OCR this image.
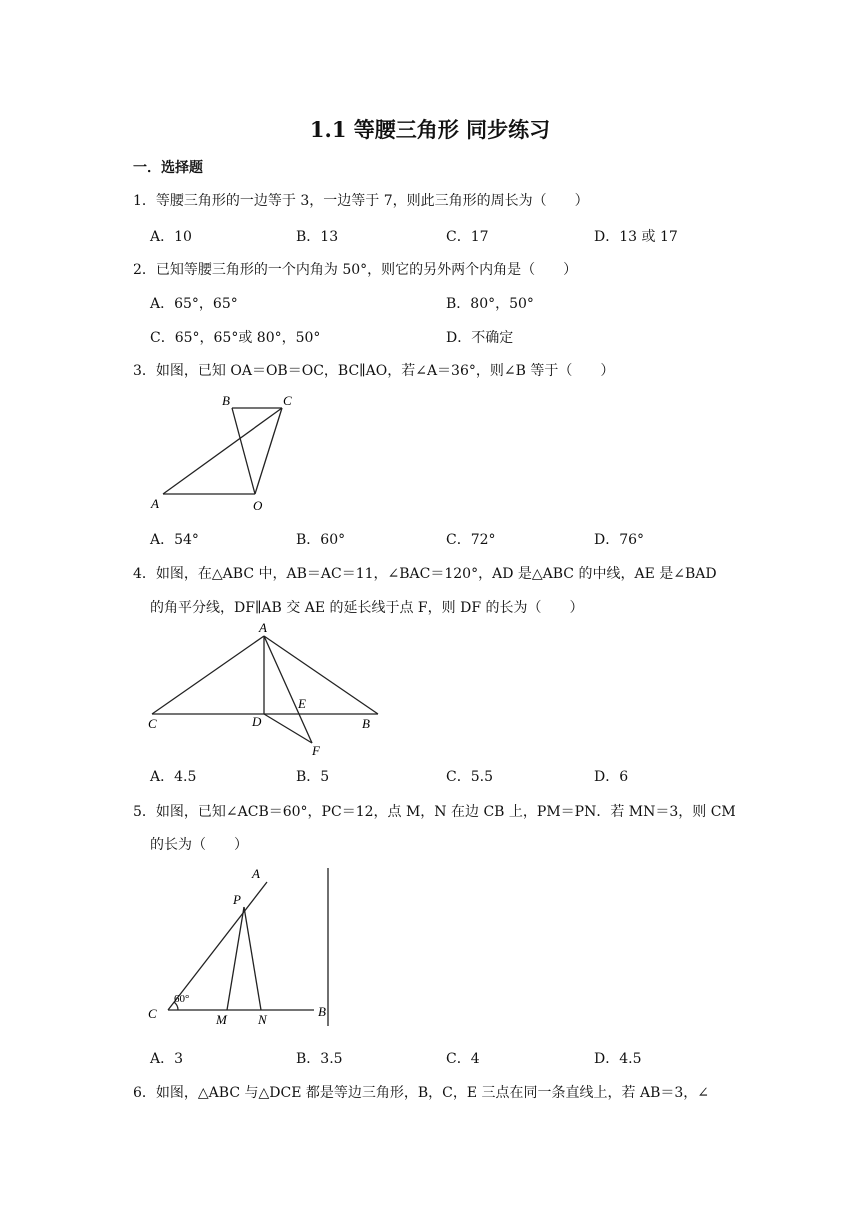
1.1 等腰三角形 同步练习
一．选择题
1．等腰三角形的一边等于 3，一边等于 7，则此三角形的周长为（　　）
A．10	B．13	C．17	D．13 或 17
2．已知等腰三角形的一个内角为 50°，则它的另外两个内角是（　　）
A．65°，65°	B．80°，50°
C．65°，65°或 80°，50°	D．不确定
3．如图，已知 OA＝OB＝OC，BC∥AO，若∠A＝36°，则∠B 等于（　　）
B	C
A	O
A．54°	B．60°	C．72°	D．76°
4．如图，在△ABC 中，AB＝AC＝11，∠BAC＝120°，AD 是△ABC 的中线，AE 是∠BAD
的角平分线，DF∥AB 交 AE 的延长线于点 F，则 DF 的长为（　　）
A
E
C	D	B
F
A．4.5	B．5	C．5.5	D．6
5．如图，已知∠ACB＝60°，PC＝12，点 M，N 在边 CB 上，PM＝PN．若 MN＝3，则 CM
的长为（　　）
A
P
60°
C	M N
B
A．3	B．3.5	C．4	D．4.5
6．如图，△ABC 与△DCE 都是等边三角形，B，C，E 三点在同一条直线上，若 AB＝3，∠
